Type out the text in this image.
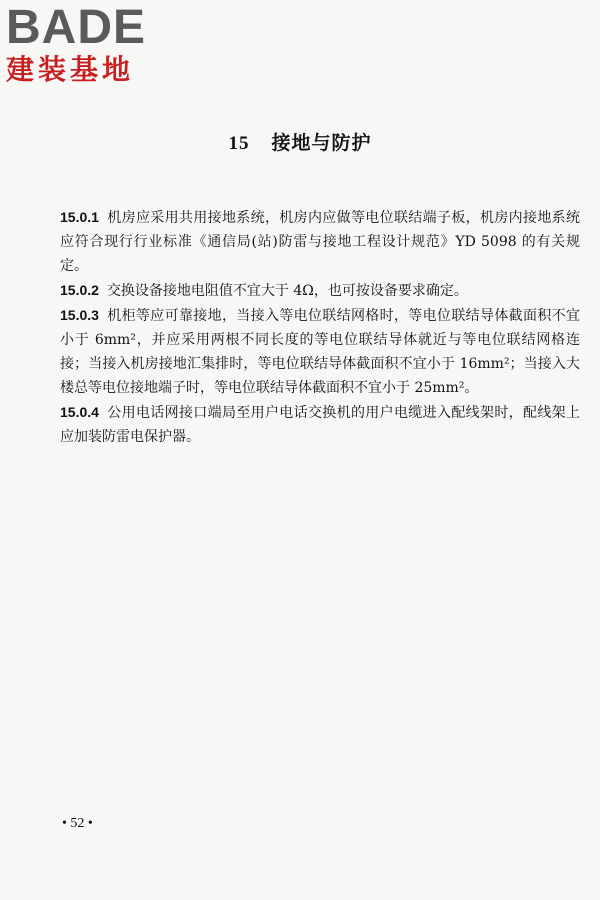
BADE
建装基地
15 接地与防护

15.0.1 机房应采用共用接地系统，机房内应做等电位联结端子板，机房内接地系统应符合现行行业标准《通信局(站)防雷与接地工程设计规范》YD 5098 的有关规定。

15.0.2 交换设备接地电阻值不宜大于 4Ω，也可按设备要求确定。

15.0.3 机柜等应可靠接地，当接入等电位联结网格时，等电位联结导体截面积不宜小于 6mm²，并应采用两根不同长度的等电位联结导体就近与等电位联结网格连接；当接入机房接地汇集排时，等电位联结导体截面积不宜小于 16mm²；当接入大楼总等电位接地端子时，等电位联结导体截面积不宜小于 25mm²。

15.0.4 公用电话网接口端局至用户电话交换机的用户电缆进入配线架时，配线架上应加装防雷电保护器。

• 52 •
